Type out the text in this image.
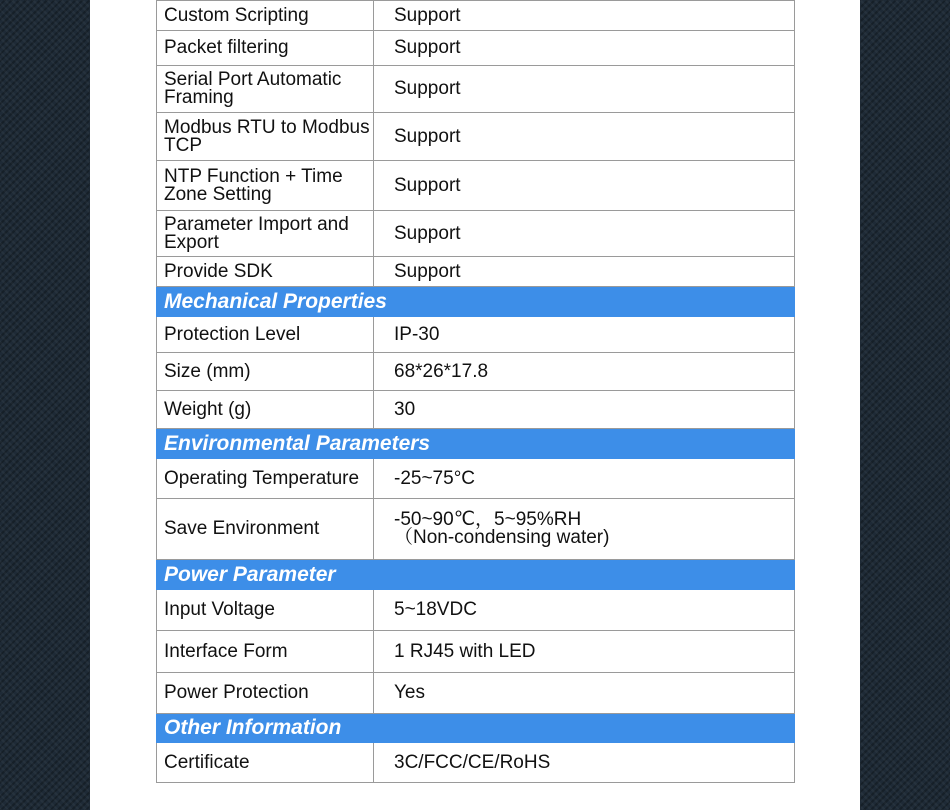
Custom Scripting	Support
Packet filtering	Support
Serial Port Automatic Framing	Support
Modbus RTU to Modbus TCP	Support
NTP Function + Time Zone Setting	Support
Parameter Import and Export	Support
Provide SDK	Support
Mechanical Properties	
Protection Level	IP-30
Size (mm)	68*26*17.8
Weight (g)	30
Environmental Parameters	
Operating Temperature	-25~75°C
Save Environment	-50~90℃，5~95%RH
（Non-condensing water)

Power Parameter	
Input Voltage	5~18VDC
Interface Form	1 RJ45 with LED
Power Protection	Yes
Other Information	
Certificate	3C/FCC/CE/RoHS
